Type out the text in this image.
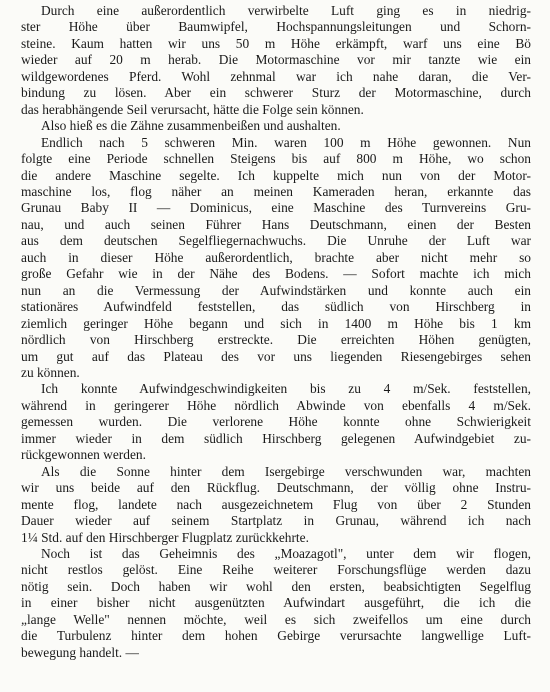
Durch eine außerordentlich verwirbelte Luft ging es in niedrig-
ster Höhe über Baumwipfel, Hochspannungsleitungen und Schorn-
steine. Kaum hatten wir uns 50 m Höhe erkämpft, warf uns eine Bö
wieder auf 20 m herab. Die Motormaschine vor mir tanzte wie ein
wildgewordenes Pferd. Wohl zehnmal war ich nahe daran, die Ver-
bindung zu lösen. Aber ein schwerer Sturz der Motormaschine, durch
das herabhängende Seil verursacht, hätte die Folge sein können.
Also hieß es die Zähne zusammenbeißen und aushalten.
Endlich nach 5 schweren Min. waren 100 m Höhe gewonnen. Nun
folgte eine Periode schnellen Steigens bis auf 800 m Höhe, wo schon
die andere Maschine segelte. Ich kuppelte mich nun von der Motor-
maschine los, flog näher an meinen Kameraden heran, erkannte das
Grunau Baby II — Dominicus, eine Maschine des Turnvereins Gru-
nau, und auch seinen Führer Hans Deutschmann, einen der Besten
aus dem deutschen Segelfliegernachwuchs. Die Unruhe der Luft war
auch in dieser Höhe außerordentlich, brachte aber nicht mehr so
große Gefahr wie in der Nähe des Bodens. — Sofort machte ich mich
nun an die Vermessung der Aufwindstärken und konnte auch ein
stationäres Aufwindfeld feststellen, das südlich von Hirschberg in
ziemlich geringer Höhe begann und sich in 1400 m Höhe bis 1 km
nördlich von Hirschberg erstreckte. Die erreichten Höhen genügten,
um gut auf das Plateau des vor uns liegenden Riesengebirges sehen
zu können.
Ich konnte Aufwindgeschwindigkeiten bis zu 4 m/Sek. feststellen,
während in geringerer Höhe nördlich Abwinde von ebenfalls 4 m/Sek.
gemessen wurden. Die verlorene Höhe konnte ohne Schwierigkeit
immer wieder in dem südlich Hirschberg gelegenen Aufwindgebiet zu-
rückgewonnen werden.
Als die Sonne hinter dem Isergebirge verschwunden war, machten
wir uns beide auf den Rückflug. Deutschmann, der völlig ohne Instru-
mente flog, landete nach ausgezeichnetem Flug von über 2 Stunden
Dauer wieder auf seinem Startplatz in Grunau, während ich nach
1¼ Std. auf den Hirschberger Flugplatz zurückkehrte.
Noch ist das Geheimnis des „Moazagotl", unter dem wir flogen,
nicht restlos gelöst. Eine Reihe weiterer Forschungsflüge werden dazu
nötig sein. Doch haben wir wohl den ersten, beabsichtigten Segelflug
in einer bisher nicht ausgenützten Aufwindart ausgeführt, die ich die
„lange Welle" nennen möchte, weil es sich zweifellos um eine durch
die Turbulenz hinter dem hohen Gebirge verursachte langwellige Luft-
bewegung handelt. —
